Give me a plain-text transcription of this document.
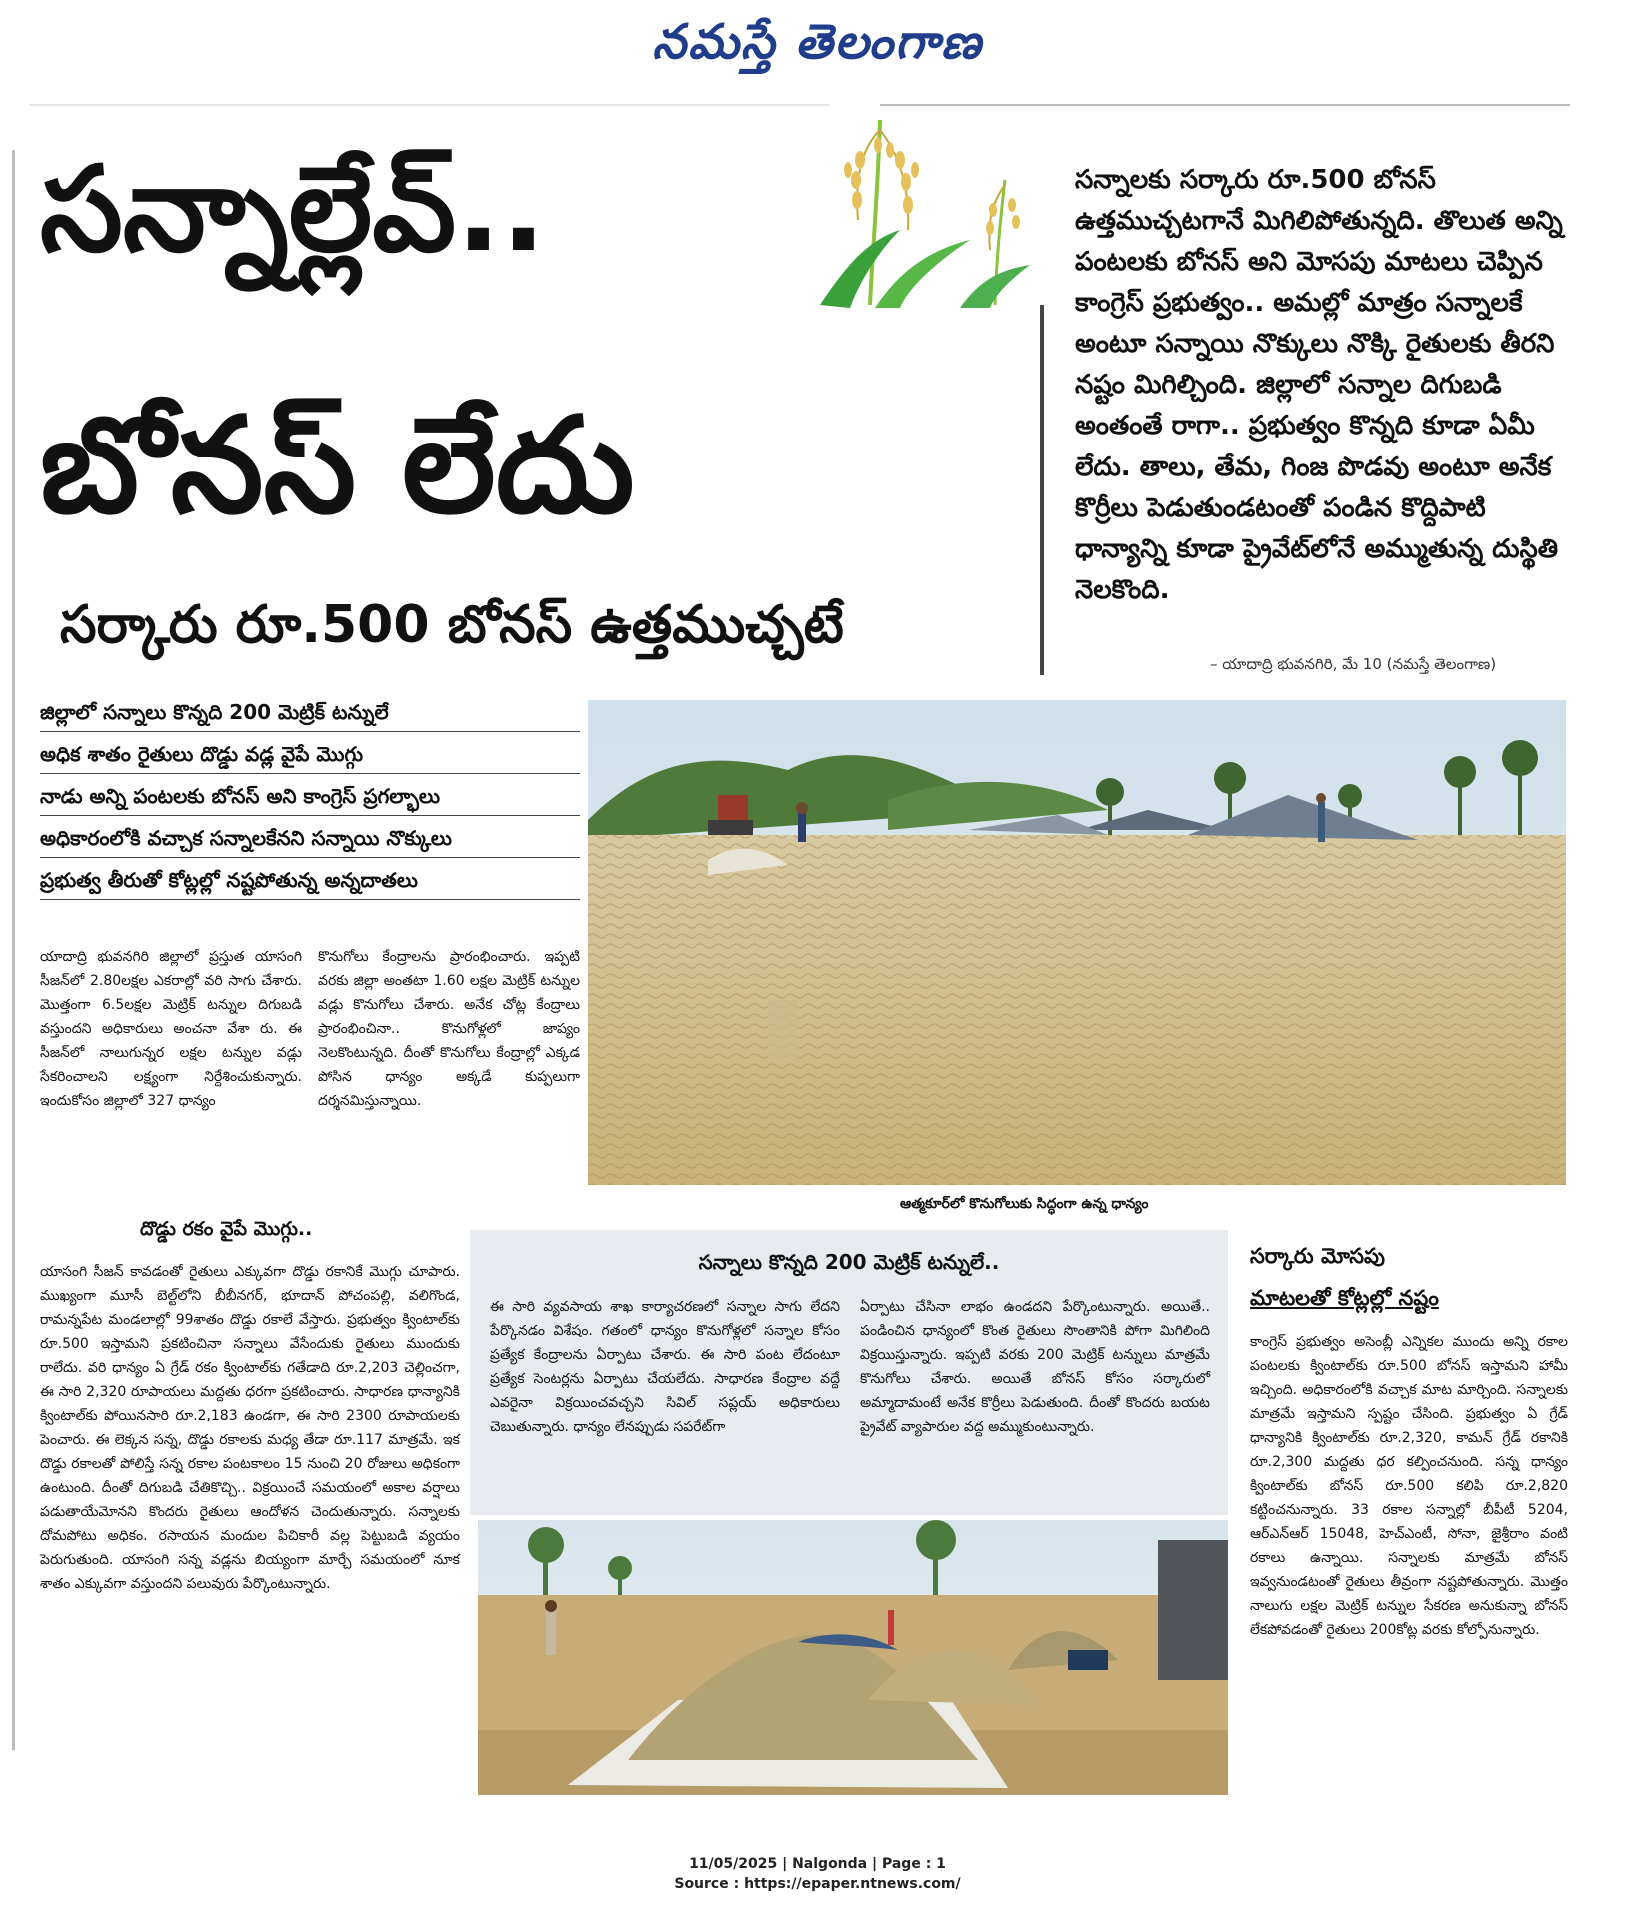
నమస్తే తెలంగాణ
సన్నాల్లేవ్..
బోనస్ లేదు
సర్కారు రూ.500 బోనస్ ఉత్తముచ్చటే
సన్నాలకు సర్కారు రూ.500 బోనస్ ఉత్తముచ్చటగానే మిగిలిపోతున్నది. తొలుత అన్ని పంటలకు బోనస్ అని మోసపు మాటలు చెప్పిన కాంగ్రెస్ ప్రభుత్వం.. అమల్లో మాత్రం సన్నాలకే అంటూ సన్నాయి నొక్కులు నొక్కి రైతులకు తీరని నష్టం మిగిల్చింది. జిల్లాలో సన్నాల దిగుబడి అంతంతే రాగా.. ప్రభుత్వం కొన్నది కూడా ఏమీ లేదు. తాలు, తేమ, గింజ పొడవు అంటూ అనేక కొర్రీలు పెడుతుండటంతో పండిన కొద్దిపాటి ధాన్యాన్ని కూడా ప్రైవేట్‌లోనే అమ్ముతున్న దుస్థితి నెలకొంది.
– యాదాద్రి భువనగిరి, మే 10 (నమస్తే తెలంగాణ)
జిల్లాలో సన్నాలు కొన్నది 200 మెట్రిక్ టన్నులే
అధిక శాతం రైతులు దొడ్డు వడ్ల వైపే మొగ్గు
నాడు అన్ని పంటలకు బోనస్ అని కాంగ్రెస్ ప్రగల్భాలు
అధికారంలోకి వచ్చాక సన్నాలకేనని సన్నాయి నొక్కులు
ప్రభుత్వ తీరుతో కోట్లల్లో నష్టపోతున్న అన్నదాతలు
ఆత్మకూర్‌లో కొనుగోలుకు సిద్ధంగా ఉన్న ధాన్యం
యాదాద్రి భువనగిరి జిల్లాలో ప్రస్తుత యాసంగి సీజన్‌లో 2.80లక్షల ఎకరాల్లో వరి సాగు చేశారు. మొత్తంగా 6.5లక్షల మెట్రిక్ టన్నుల దిగుబడి వస్తుందని అధికారులు అంచనా వేశా రు. ఈ సీజన్‌లో నాలుగున్నర లక్షల టన్నుల వడ్లు సేకరించాలని లక్ష్యంగా నిర్దేశించుకున్నారు. ఇందుకోసం జిల్లాలో 327 ధాన్యం
కొనుగోలు కేంద్రాలను ప్రారంభించారు. ఇప్పటి వరకు జిల్లా అంతటా 1.60 లక్షల మెట్రిక్ టన్నుల వడ్లు కొనుగోలు చేశారు. అనేక చోట్ల కేంద్రాలు ప్రారంభించినా.. కొనుగోళ్లలో జాప్యం నెలకొంటున్నది. దీంతో కొనుగోలు కేంద్రాల్లో ఎక్కడ పోసిన ధాన్యం అక్కడే కుప్పలుగా దర్శనమిస్తున్నాయి.
దొడ్డు రకం వైపే మొగ్గు..
యాసంగి సీజన్ కావడంతో రైతులు ఎక్కువగా దొడ్డు రకానికే మొగ్గు చూపారు. ముఖ్యంగా మూసీ బెల్ట్‌లోని బీబీనగర్, భూదాన్ పోచంపల్లి, వలిగొండ, రామన్నపేట మండలాల్లో 99శాతం దొడ్డు రకాలే వేస్తారు. ప్రభుత్వం క్వింటాల్‌కు రూ.500 ఇస్తామని ప్రకటించినా సన్నాలు వేసేందుకు రైతులు ముందుకు రాలేదు. వరి ధాన్యం ఏ గ్రేడ్ రకం క్వింటాల్‌కు గతేడాది రూ.2,203 చెల్లించగా, ఈ సారి 2,320 రూపాయలు మద్దతు ధరగా ప్రకటించారు. సాధారణ ధాన్యానికి క్వింటాల్‌కు పోయినసారి రూ.2,183 ఉండగా, ఈ సారి 2300 రూపాయలకు పెంచారు. ఈ లెక్కన సన్న, దొడ్డు రకాలకు మధ్య తేడా రూ.117 మాత్రమే. ఇక దొడ్డు రకాలతో పోలిస్తే సన్న రకాల పంటకాలం 15 నుంచి 20 రోజులు అధికంగా ఉంటుంది. దీంతో దిగుబడి చేతికొచ్చి.. విక్రయించే సమయంలో అకాల వర్షాలు పడుతాయేమోనని కొందరు రైతులు ఆందోళన చెందుతున్నారు. సన్నాలకు దోమపోటు అధికం. రసాయన మందుల పిచికారీ వల్ల పెట్టుబడి వ్యయం పెరుగుతుంది. యాసంగి సన్న వడ్లను బియ్యంగా మార్చే సమయంలో నూక శాతం ఎక్కువగా వస్తుందని పలువురు పేర్కొంటున్నారు.
సన్నాలు కొన్నది 200 మెట్రిక్ టన్నులే..
ఈ సారి వ్యవసాయ శాఖ కార్యాచరణలో సన్నాల సాగు లేదని పేర్కొనడం విశేషం. గతంలో ధాన్యం కొనుగోళ్లలో సన్నాల కోసం ప్రత్యేక కేంద్రాలను ఏర్పాటు చేశారు. ఈ సారి పంట లేదంటూ ప్రత్యేక సెంటర్లను ఏర్పాటు చేయలేదు. సాధారణ కేంద్రాల వద్దే ఎవరైనా విక్రయించవచ్చని సివిల్ సప్లయ్ అధికారులు చెబుతున్నారు. ధాన్యం లేనప్పుడు సపరేట్‌గా
ఏర్పాటు చేసినా లాభం ఉండదని పేర్కొంటున్నారు. అయితే.. పండించిన ధాన్యంలో కొంత రైతులు సొంతానికి పోగా మిగిలింది విక్రయిస్తున్నారు. ఇప్పటి వరకు 200 మెట్రిక్ టన్నులు మాత్రమే కొనుగోలు చేశారు. అయితే బోనస్ కోసం సర్కారులో అమ్మాదామంటే అనేక కొర్రీలు పెడుతుంది. దీంతో కొందరు బయట ప్రైవేట్ వ్యాపారుల వద్ద అమ్ముకుంటున్నారు.
సర్కారు మోసపు
మాటలతో కోట్లల్లో నష్టం
కాంగ్రెస్ ప్రభుత్వం అసెంబ్లీ ఎన్నికల ముందు అన్ని రకాల పంటలకు క్వింటాల్‌కు రూ.500 బోనస్ ఇస్తామని హామీ ఇచ్చింది. అధికారంలోకి వచ్చాక మాట మార్చింది. సన్నాలకు మాత్రమే ఇస్తామని స్పష్టం చేసింది. ప్రభుత్వం ఏ గ్రేడ్ ధాన్యానికి క్వింటాల్‌కు రూ.2,320, కామన్ గ్రేడ్ రకానికి రూ.2,300 మద్దతు ధర కల్పించనుంది. సన్న ధాన్యం క్వింటాల్‌కు బోనస్ రూ.500 కలిపి రూ.2,820 కట్టించనున్నారు. 33 రకాల సన్నాల్లో బీపీటీ 5204, ఆర్ఎన్ఆర్ 15048, హెచ్ఎంటీ, సోనా, జైశ్రీరాం వంటి రకాలు ఉన్నాయి. సన్నాలకు మాత్రమే బోనస్ ఇవ్వనుండటంతో రైతులు తీవ్రంగా నష్టపోతున్నారు. మొత్తం నాలుగు లక్షల మెట్రిక్ టన్నుల సేకరణ అనుకున్నా బోనస్ లేకపోవడంతో రైతులు 200కోట్ల వరకు కోల్పోనున్నారు.
11/05/2025 | Nalgonda | Page : 1
Source : https://epaper.ntnews.com/
